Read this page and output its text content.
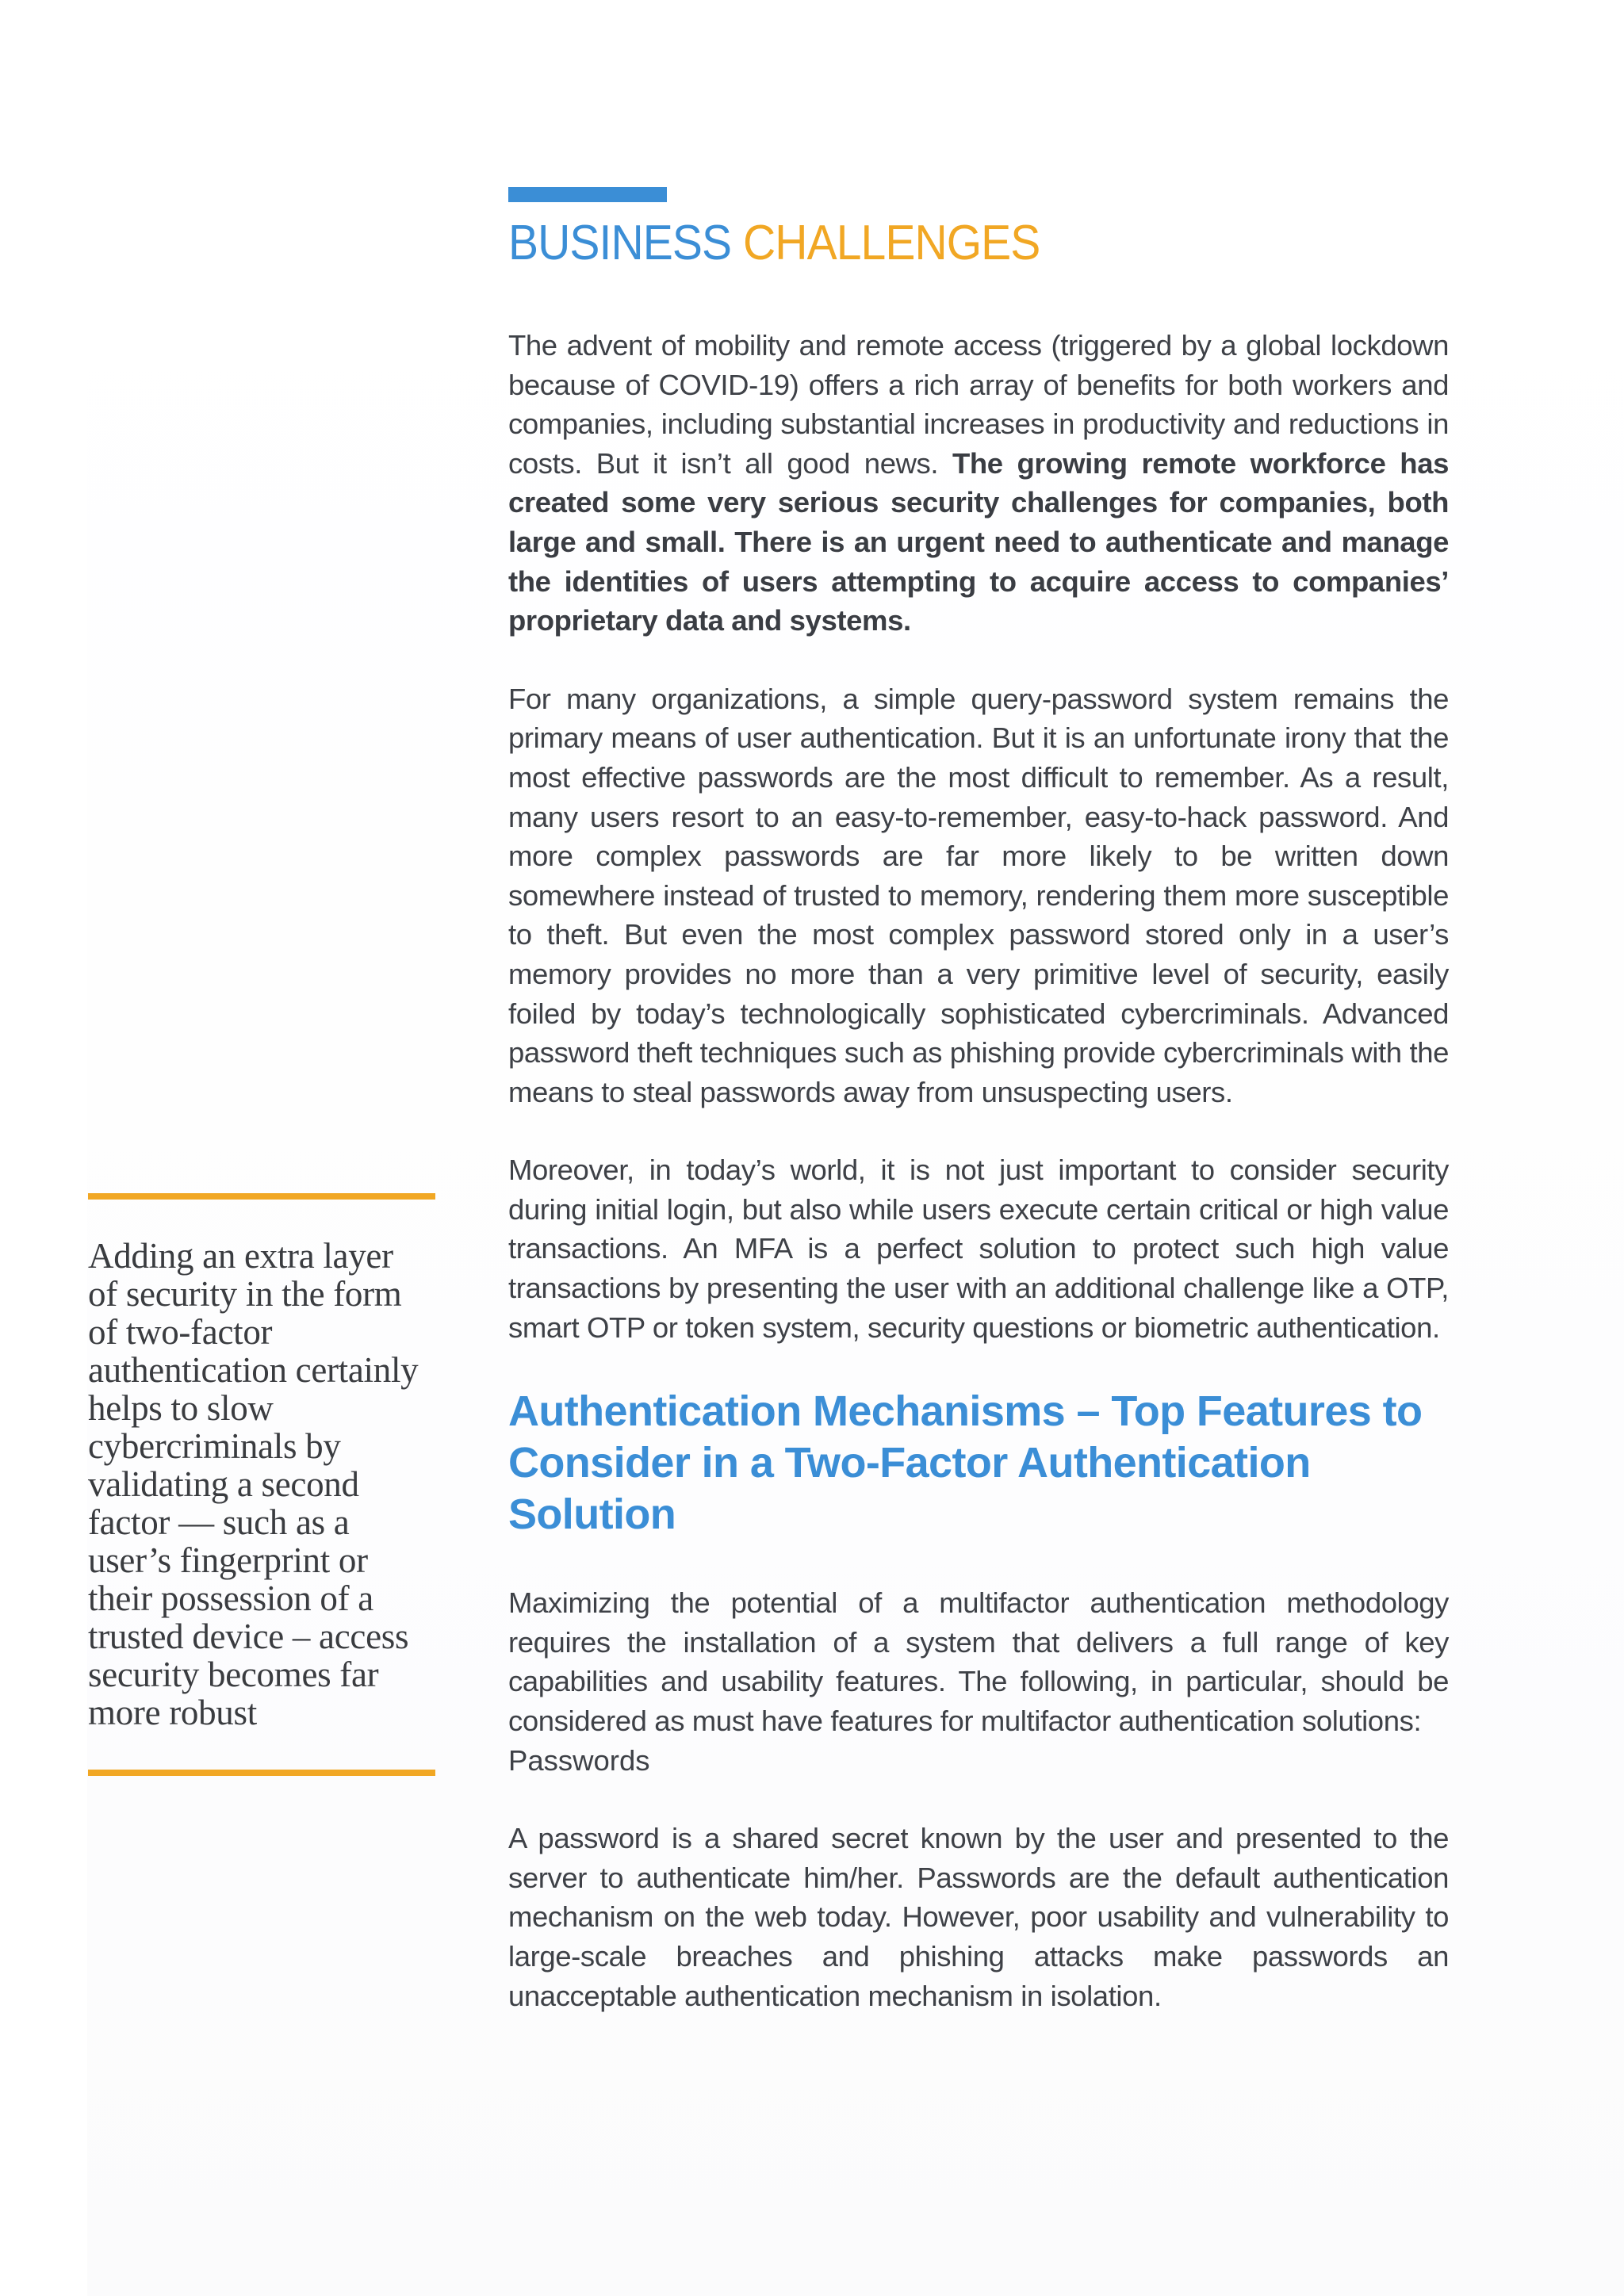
BUSINESS CHALLENGES

The advent of mobility and remote access (triggered by a global lockdown because of COVID-19) offers a rich array of benefits for both workers and companies, including substantial increases in productivity and reductions in costs. But it isn’t all good news. The growing remote workforce has created some very serious security challenges for companies, both large and small. There is an urgent need to authenticate and manage the identities of users attempting to acquire access to companies’ proprietary data and systems.

For many organizations, a simple query-password system remains the primary means of user authentication. But it is an unfortunate irony that the most effective passwords are the most difficult to remember. As a result, many users resort to an easy-to-remember, easy-to-hack password. And more complex passwords are far more likely to be written down somewhere instead of trusted to memory, rendering them more susceptible to theft. But even the most complex password stored only in a user’s memory provides no more than a very primitive level of security, easily foiled by today’s technologically sophisticated cybercriminals. Advanced password theft techniques such as phishing provide cybercriminals with the means to steal passwords away from unsuspecting users.

Moreover, in today’s world, it is not just important to consider security during initial login, but also while users execute certain critical or high value transactions. An MFA is a perfect solution to protect such high value transactions by presenting the user with an additional challenge like a OTP, smart OTP or token system, security questions or biometric authentication.

Authentication Mechanisms – Top Features to Consider in a Two-Factor Authentication Solution

Maximizing the potential of a multifactor authentication methodology requires the installation of a system that delivers a full range of key capabilities and usability features. The following, in particular, should be considered as must have features for multifactor authentication solutions:

Passwords

A password is a shared secret known by the user and presented to the server to authenticate him/her. Passwords are the default authentication mechanism on the web today. However, poor usability and vulnerability to large-scale breaches and phishing attacks make passwords an unacceptable authentication mechanism in isolation.

Adding an extra layer of security in the form of two-factor authentication certainly helps to slow cybercriminals by validating a second factor — such as a user’s fingerprint or their possession of a trusted device – access security becomes far more robust
